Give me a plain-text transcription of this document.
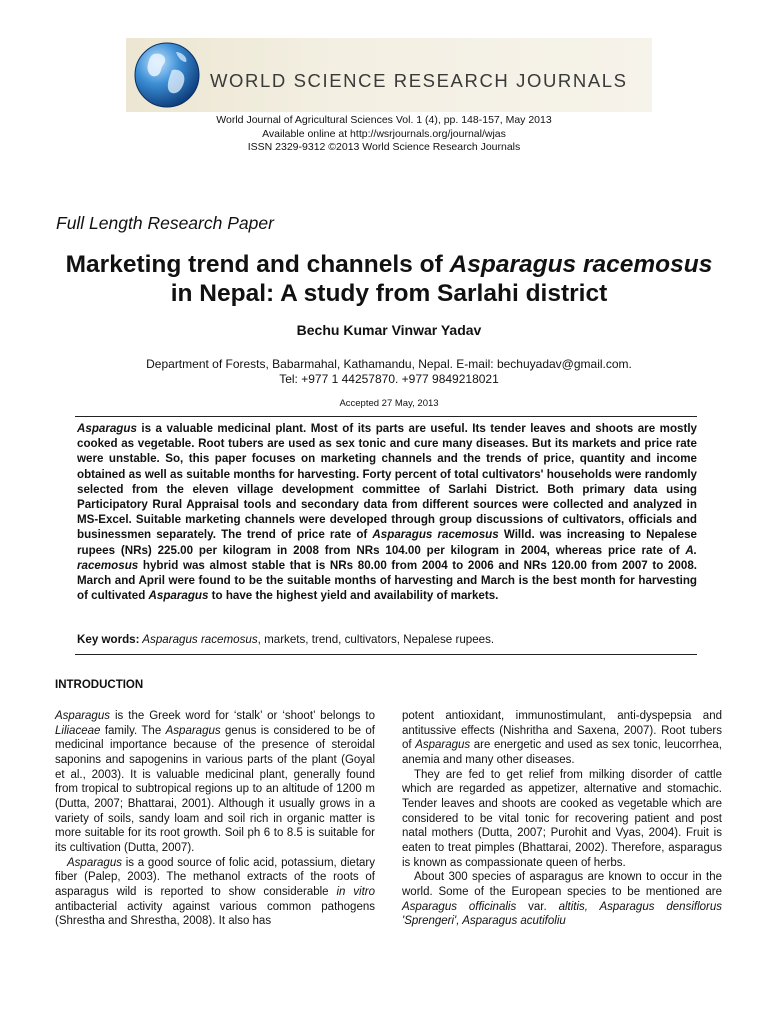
WORLD SCIENCE RESEARCH JOURNALS
World Journal of Agricultural Sciences Vol. 1 (4), pp. 148-157, May 2013
Available online at http://wsrjournals.org/journal/wjas
ISSN 2329-9312 ©2013 World Science Research Journals
Full Length Research Paper
Marketing trend and channels of Asparagus racemosus
in Nepal: A study from Sarlahi district
Bechu Kumar Vinwar Yadav
Department of Forests, Babarmahal, Kathamandu, Nepal. E-mail: bechuyadav@gmail.com.
Tel: +977 1 44257870. +977 9849218021
Accepted 27 May, 2013
Asparagus is a valuable medicinal plant. Most of its parts are useful. Its tender leaves and shoots are mostly cooked as vegetable. Root tubers are used as sex tonic and cure many diseases. But its markets and price rate were unstable. So, this paper focuses on marketing channels and the trends of price, quantity and income obtained as well as suitable months for harvesting. Forty percent of total cultivators' households were randomly selected from the eleven village development committee of Sarlahi District. Both primary data using Participatory Rural Appraisal tools and secondary data from different sources were collected and analyzed in MS-Excel. Suitable marketing channels were developed through group discussions of cultivators, officials and businessmen separately. The trend of price rate of Asparagus racemosus Willd. was increasing to Nepalese rupees (NRs) 225.00 per kilogram in 2008 from NRs 104.00 per kilogram in 2004, whereas price rate of A. racemosus hybrid was almost stable that is NRs 80.00 from 2004 to 2006 and NRs 120.00 from 2007 to 2008. March and April were found to be the suitable months of harvesting and March is the best month for harvesting of cultivated Asparagus to have the highest yield and availability of markets.
Key words: Asparagus racemosus, markets, trend, cultivators, Nepalese rupees.
INTRODUCTION

Asparagus is the Greek word for ‘stalk’ or ‘shoot’ belongs to Liliaceae family. The Asparagus genus is considered to be of medicinal importance because of the presence of steroidal saponins and sapogenins in various parts of the plant (Goyal et al., 2003). It is valuable medicinal plant, generally found from tropical to subtropical regions up to an altitude of 1200 m (Dutta, 2007; Bhattarai, 2001). Although it usually grows in a variety of soils, sandy loam and soil rich in organic matter is more suitable for its root growth. Soil ph 6 to 8.5 is suitable for its cultivation (Dutta, 2007).

Asparagus is a good source of folic acid, potassium, dietary fiber (Palep, 2003). The methanol extracts of the roots of asparagus wild is reported to show considerable in vitro antibacterial activity against various common pathogens (Shrestha and Shrestha, 2008). It also has

potent antioxidant, immunostimulant, anti-dyspepsia and antitussive effects (Nishritha and Saxena, 2007). Root tubers of Asparagus are energetic and used as sex tonic, leucorrhea, anemia and many other diseases.

They are fed to get relief from milking disorder of cattle which are regarded as appetizer, alternative and stomachic. Tender leaves and shoots are cooked as vegetable which are considered to be vital tonic for recovering patient and post natal mothers (Dutta, 2007; Purohit and Vyas, 2004). Fruit is eaten to treat pimples (Bhattarai, 2002). Therefore, asparagus is known as compassionate queen of herbs.

About 300 species of asparagus are known to occur in the world. Some of the European species to be mentioned are Asparagus officinalis var. altitis, Asparagus densiflorus 'Sprengeri', Asparagus acutifoliu
